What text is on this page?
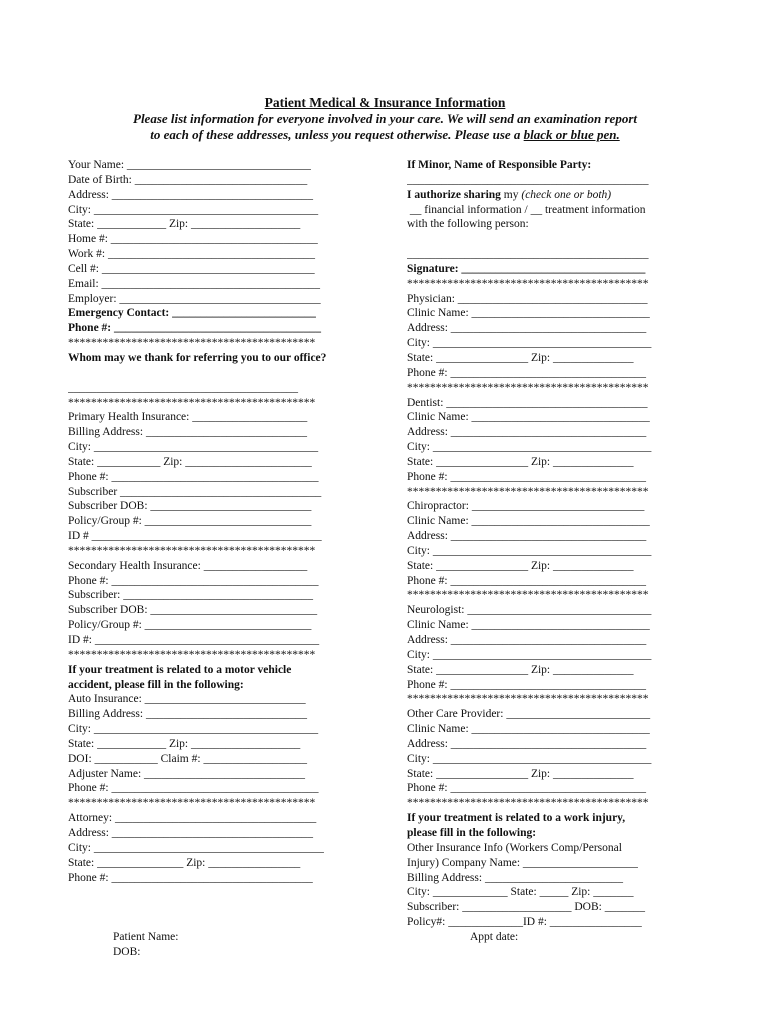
Patient Medical & Insurance Information
Please list information for everyone involved in your care. We will send an examination report
to each of these addresses, unless you request otherwise. Please use a black or blue pen.
Your Name: ________________________________
Date of Birth: ______________________________
Address: ___________________________________
City: _______________________________________
State: ____________ Zip: ___________________
Home #: ____________________________________
Work #: ____________________________________
Cell #: _____________________________________
Email: ______________________________________
Employer: ___________________________________
Emergency Contact: _________________________
Phone #: ____________________________________
*******************************************
Whom may we thank for referring you to our office?
________________________________________
*******************************************
Primary Health Insurance: ____________________
Billing Address: ____________________________
City: _______________________________________
State: ___________ Zip: ______________________
Phone #: ____________________________________
Subscriber ___________________________________
Subscriber DOB: ____________________________
Policy/Group #: _____________________________
ID # ________________________________________
*******************************************
Secondary Health Insurance: __________________
Phone #: ____________________________________
Subscriber: _________________________________
Subscriber DOB: _____________________________
Policy/Group #: _____________________________
ID #: _______________________________________
*******************************************
If your treatment is related to a motor vehicle
accident, please fill in the following:
Auto Insurance: ____________________________
Billing Address: ____________________________
City: _______________________________________
State: ____________ Zip: ___________________
DOI: ___________ Claim #: __________________
Adjuster Name: ____________________________
Phone #: ____________________________________
*******************************************
Attorney: ___________________________________
Address: ___________________________________
City: ________________________________________
State: _______________ Zip: ________________
Phone #: ___________________________________
If Minor, Name of Responsible Party:
__________________________________________
I authorize sharing my (check one or both)
__ financial information / __ treatment information
with the following person:
__________________________________________
Signature: ________________________________
******************************************
Physician: _________________________________
Clinic Name: _______________________________
Address: __________________________________
City: ______________________________________
State: ________________ Zip: ______________
Phone #: __________________________________
******************************************
Dentist: ___________________________________
Clinic Name: _______________________________
Address: __________________________________
City: ______________________________________
State: ________________ Zip: ______________
Phone #: __________________________________
******************************************
Chiropractor: ______________________________
Clinic Name: _______________________________
Address: __________________________________
City: ______________________________________
State: ________________ Zip: ______________
Phone #: __________________________________
******************************************
Neurologist: ________________________________
Clinic Name: _______________________________
Address: __________________________________
City: ______________________________________
State: ________________ Zip: ______________
Phone #: __________________________________
******************************************
Other Care Provider: _________________________
Clinic Name: _______________________________
Address: __________________________________
City: ______________________________________
State: ________________ Zip: ______________
Phone #: __________________________________
******************************************
If your treatment is related to a work injury,
please fill in the following:
Other Insurance Info (Workers Comp/Personal
Injury) Company Name: ____________________
Billing Address: ________________________
City: _____________ State: _____ Zip: _______
Subscriber: ___________________ DOB: _______
Policy#: _____________ID #: ________________
Patient Name:
DOB:
Appt date:
